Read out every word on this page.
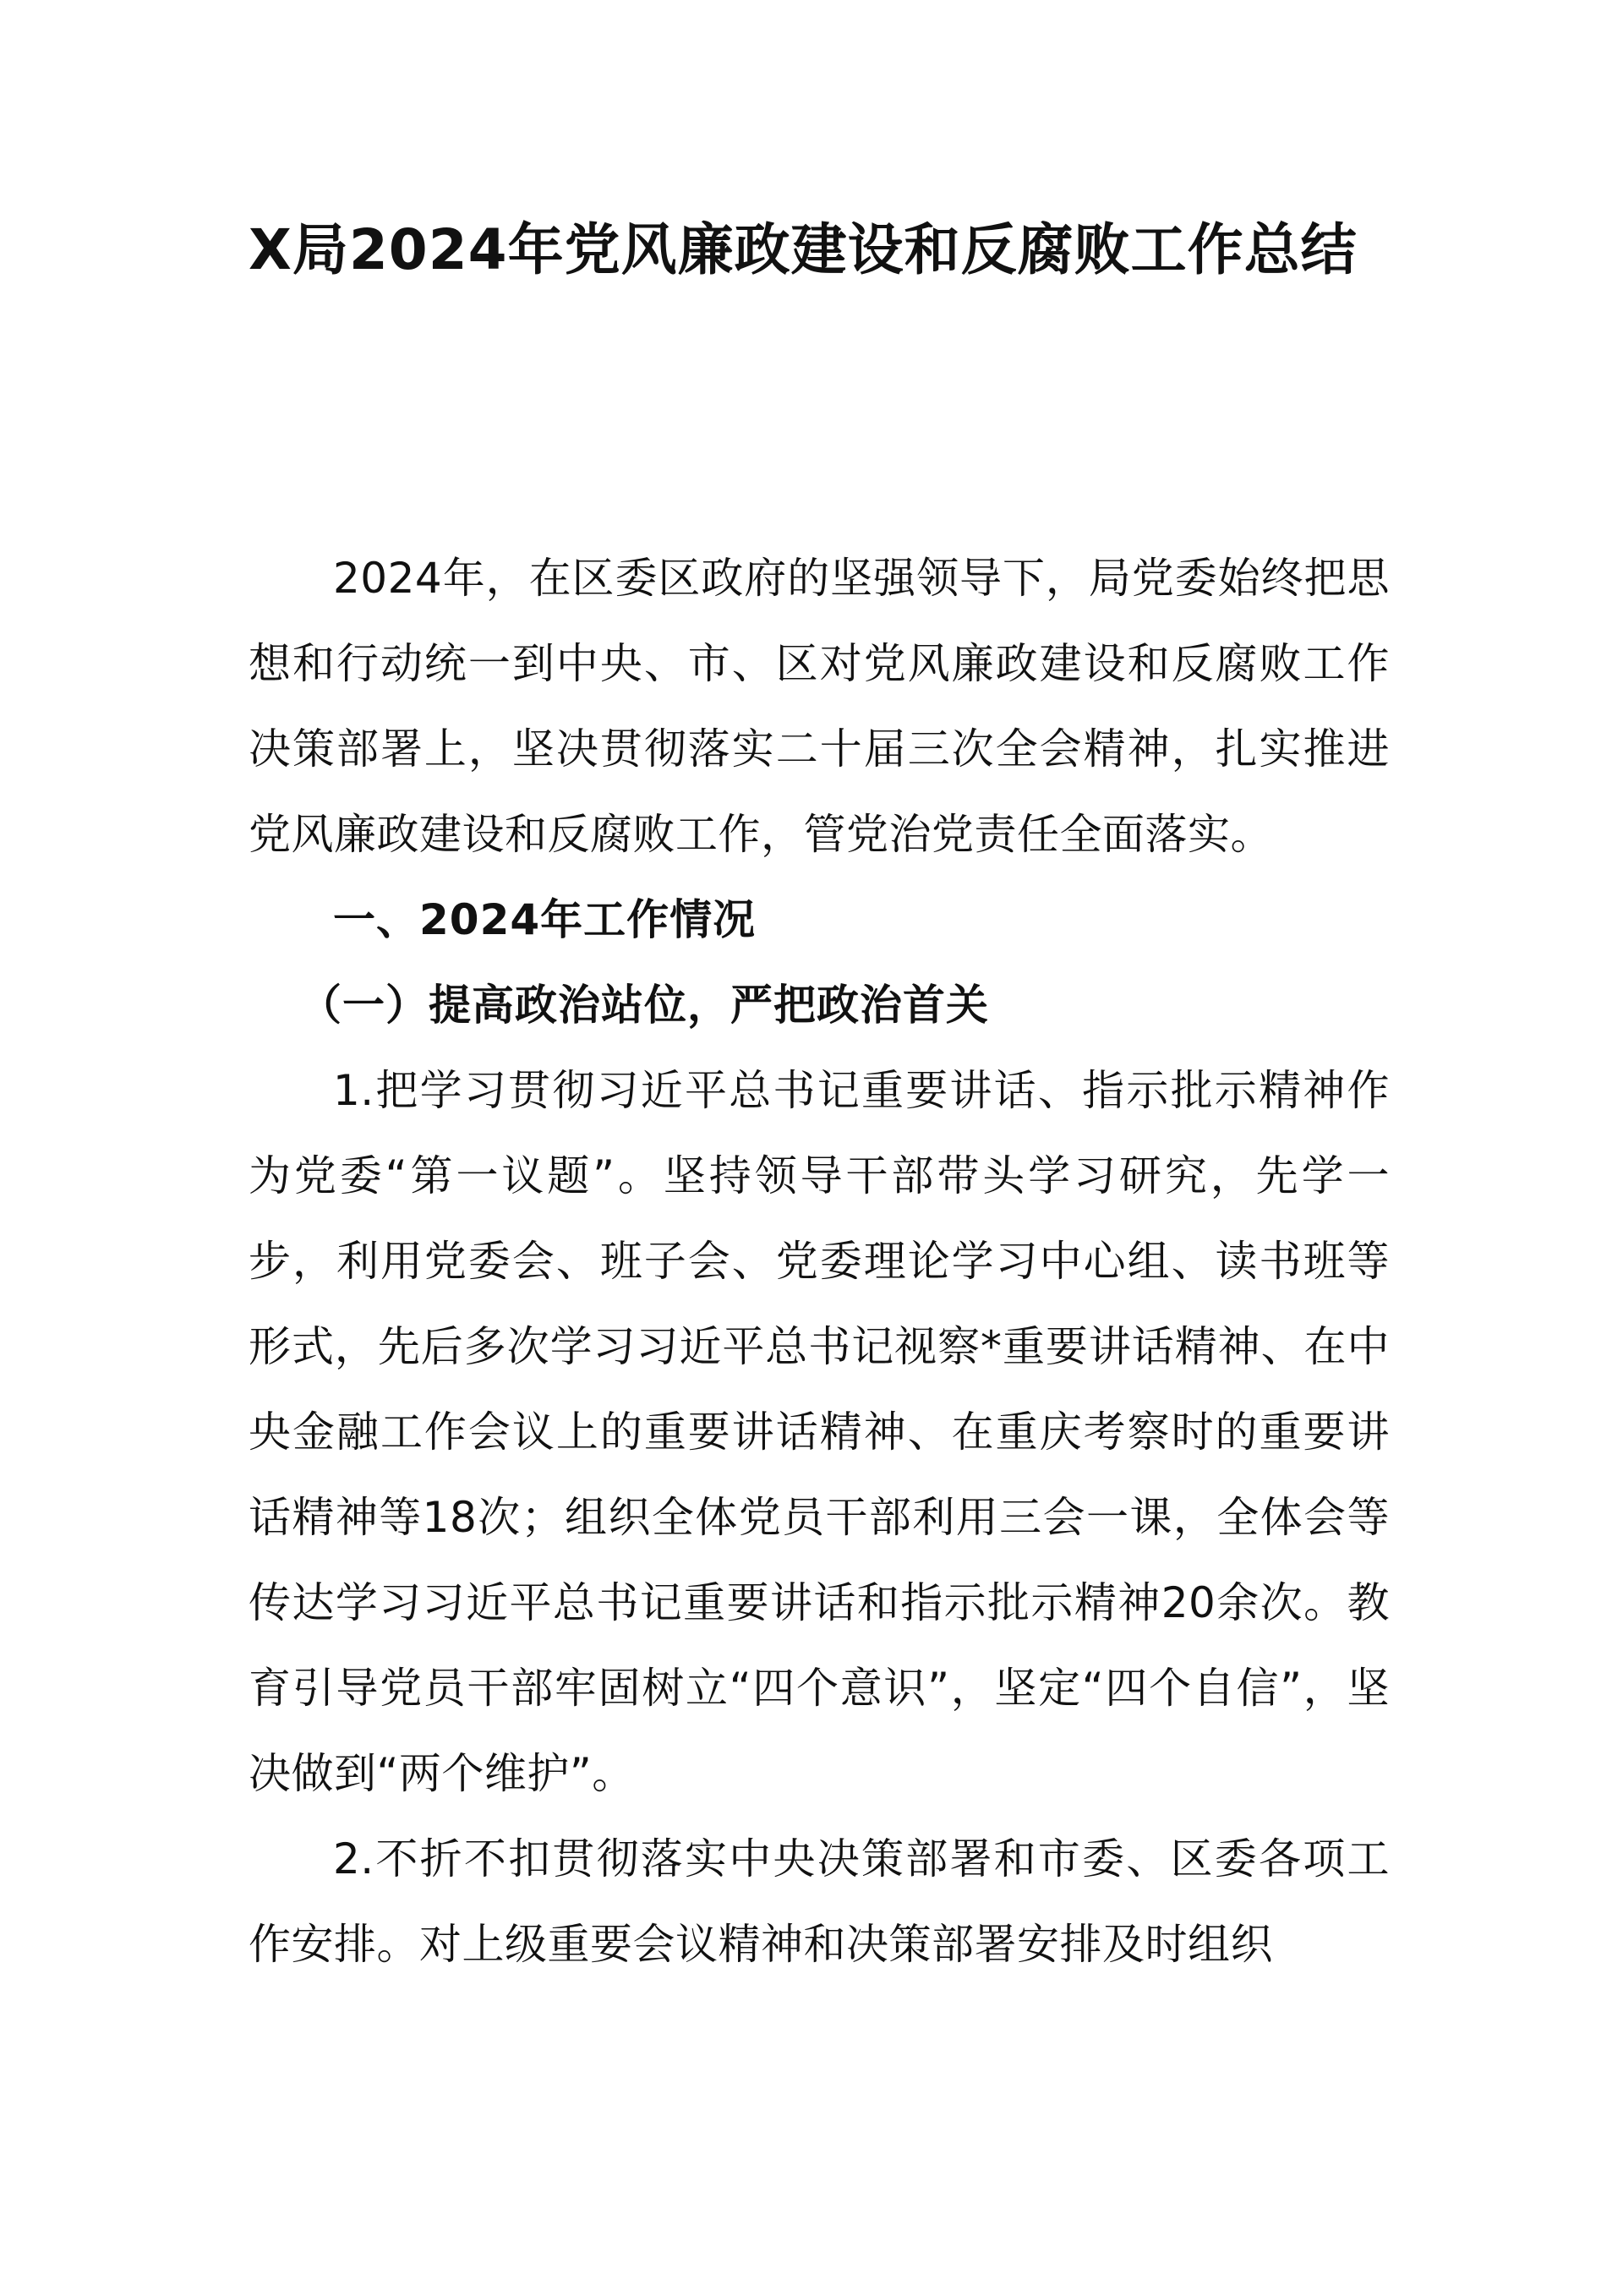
X局2024年党风廉政建设和反腐败工作总结

2024年，在区委区政府的坚强领导下，局党委始终把思想和行动统一到中央、市、区对党风廉政建设和反腐败工作决策部署上，坚决贯彻落实二十届三次全会精神，扎实推进党风廉政建设和反腐败工作，管党治党责任全面落实。

一、2024年工作情况

（一）提高政治站位，严把政治首关

1.把学习贯彻习近平总书记重要讲话、指示批示精神作为党委“第一议题”。坚持领导干部带头学习研究，先学一步，利用党委会、班子会、党委理论学习中心组、读书班等形式，先后多次学习习近平总书记视察*重要讲话精神、在中央金融工作会议上的重要讲话精神、在重庆考察时的重要讲话精神等18次；组织全体党员干部利用三会一课，全体会等传达学习习近平总书记重要讲话和指示批示精神20余次。教育引导党员干部牢固树立“四个意识”，坚定“四个自信”，坚决做到“两个维护”。

2.不折不扣贯彻落实中央决策部署和市委、区委各项工作安排。对上级重要会议精神和决策部署安排及时组织
